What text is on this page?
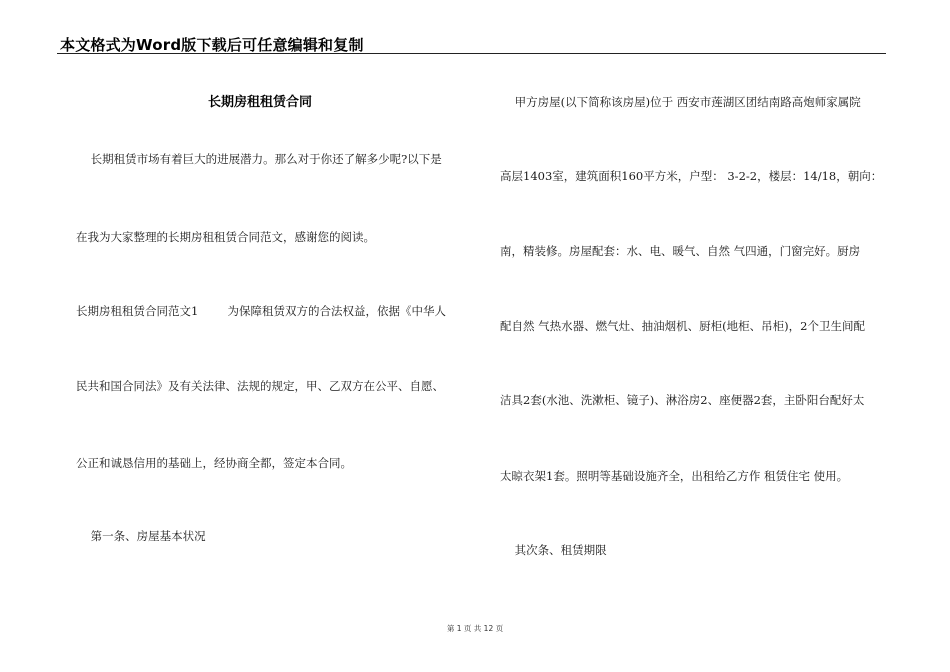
本文格式为Word版下载后可任意编辑和复制
长期房租租赁合同
长期租赁市场有着巨大的进展潜力。那么对于你还了解多少呢?以下是
在我为大家整理的长期房租租赁合同范文，感谢您的阅读。
长期房租租赁合同范文1        为保障租赁双方的合法权益，依据《中华人
民共和国合同法》及有关法律、法规的规定，甲、乙双方在公平、自愿、
公正和诚恳信用的基础上，经协商全都，签定本合同。
第一条、房屋基本状况
甲方房屋(以下简称该房屋)位于 西安市莲湖区团结南路高炮师家属院
高层1403室，建筑面积160平方米，户型： 3-2-2，楼层：14/18，朝向：
南，精装修。房屋配套：水、电、暖气、自然 气四通，门窗完好。厨房
配自然 气热水器、燃气灶、抽油烟机、厨柜(地柜、吊柜)，2个卫生间配
洁具2套(水池、洗漱柜、镜子)、淋浴房2、座便器2套，主卧阳台配好太
太晾衣架1套。照明等基础设施齐全，出租给乙方作 租赁住宅 使用。
其次条、租赁期限
第 1 页 共 12 页
